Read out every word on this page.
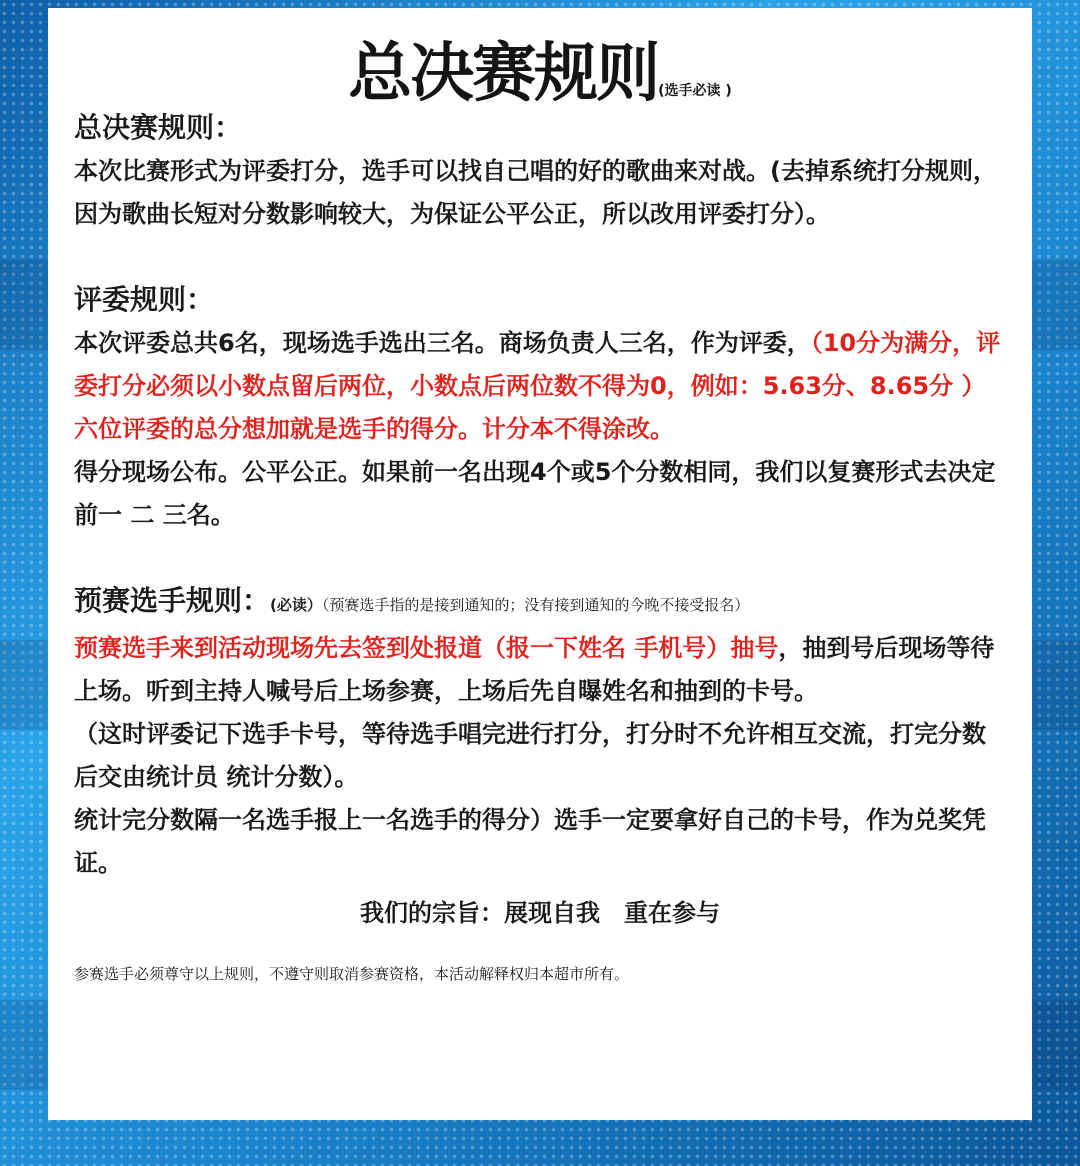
总决赛规则(选手必读 )

总决赛规则：

本次比赛形式为评委打分，选手可以找自己唱的好的歌曲来对战。(去掉系统打分规则，因为歌曲长短对分数影响较大，为保证公平公正，所以改用评委打分）。

评委规则：

本次评委总共6名，现场选手选出三名。商场负责人三名，作为评委，（10分为满分，评委打分必须以小数点留后两位，小数点后两位数不得为0，例如：5.63分、8.65分 ）六位评委的总分想加就是选手的得分。计分本不得涂改。

得分现场公布。公平公正。如果前一名出现4个或5个分数相同，我们以复赛形式去决定前一 二 三名。

预赛选手规则：(必读）（预赛选手指的是接到通知的；没有接到通知的今晚不接受报名）

预赛选手来到活动现场先去签到处报道（报一下姓名 手机号）抽号，抽到号后现场等待上场。听到主持人喊号后上场参赛，上场后先自曝姓名和抽到的卡号。

（这时评委记下选手卡号，等待选手唱完进行打分，打分时不允许相互交流，打完分数后交由统计员 统计分数）。

统计完分数隔一名选手报上一名选手的得分）选手一定要拿好自己的卡号，作为兑奖凭证。

我们的宗旨：展现自我　重在参与

参赛选手必须尊守以上规则，不遵守则取消参赛资格，本活动解释权归本超市所有。
